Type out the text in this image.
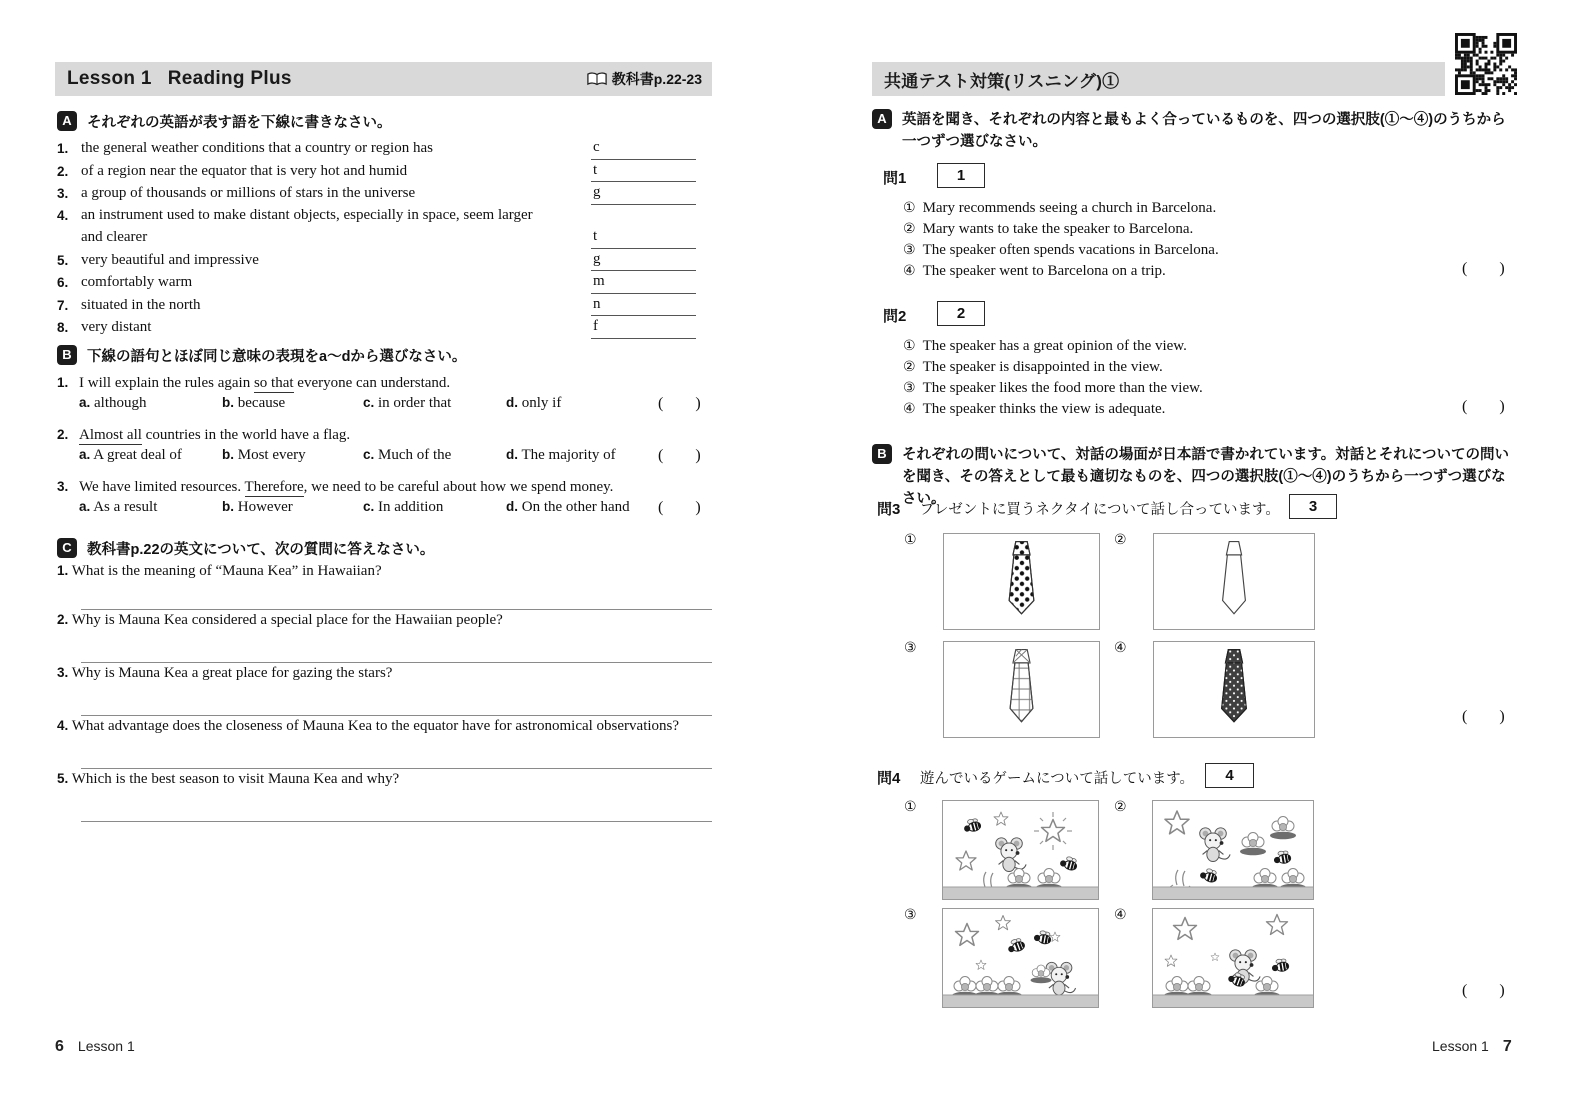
Lesson 1 Reading Plus	教科書p.22-23
A	それぞれの英語が表す語を下線に書きなさい。
1. the general weather conditions that a country or region has	c
2. of a region near the equator that is very hot and humid	t
3. a group of thousands or millions of stars in the universe	g
4. an instrument used to make distant objects, especially in space, seem larger
and clearer	t
5. very beautiful and impressive	g
6. comfortably warm	m
7. situated in the north	n
8. very distant	f
B	下線の語句とほぼ同じ意味の表現をa〜dから選びなさい。
1. I will explain the rules again so that everyone can understand.
a. although	b. because	c. in order that	d. only if	(        )
2. Almost all countries in the world have a flag.
a. A great deal of	b. Most every	c. Much of the	d. The majority of	(        )
3. We have limited resources. Therefore, we need to be careful about how we spend money.
a. As a result	b. However	c. In addition	d. On the other hand	(        )
C	教科書p.22の英文について、次の質問に答えなさい。
1. What is the meaning of “Mauna Kea” in Hawaiian?
2. Why is Mauna Kea considered a special place for the Hawaiian people?
3. Why is Mauna Kea a great place for gazing the stars?
4. What advantage does the closeness of Mauna Kea to the equator have for astronomical observations?
5. Which is the best season to visit Mauna Kea and why?
6 Lesson 1
共通テスト対策(リスニング)①
A	英語を聞き、それぞれの内容と最もよく合っているものを、四つの選択肢(①〜④)のうちから一つずつ選びなさい。
問1	1
① Mary recommends seeing a church in Barcelona.
② Mary wants to take the speaker to Barcelona.
③ The speaker often spends vacations in Barcelona.
④ The speaker went to Barcelona on a trip.	(        )
問2	2
① The speaker has a great opinion of the view.
② The speaker is disappointed in the view.
③ The speaker likes the food more than the view.
④ The speaker thinks the view is adequate.	(        )
B	それぞれの問いについて、対話の場面が日本語で書かれています。対話とそれについての問いを聞き、その答えとして最も適切なものを、四つの選択肢(①〜④)のうちから一つずつ選びなさい。
問3 プレゼントに買うネクタイについて話し合っています。	3
①	②
③	④
(        )
問4 遊んでいるゲームについて話しています。	4
①	②
③	④
(        )
Lesson 1 7
